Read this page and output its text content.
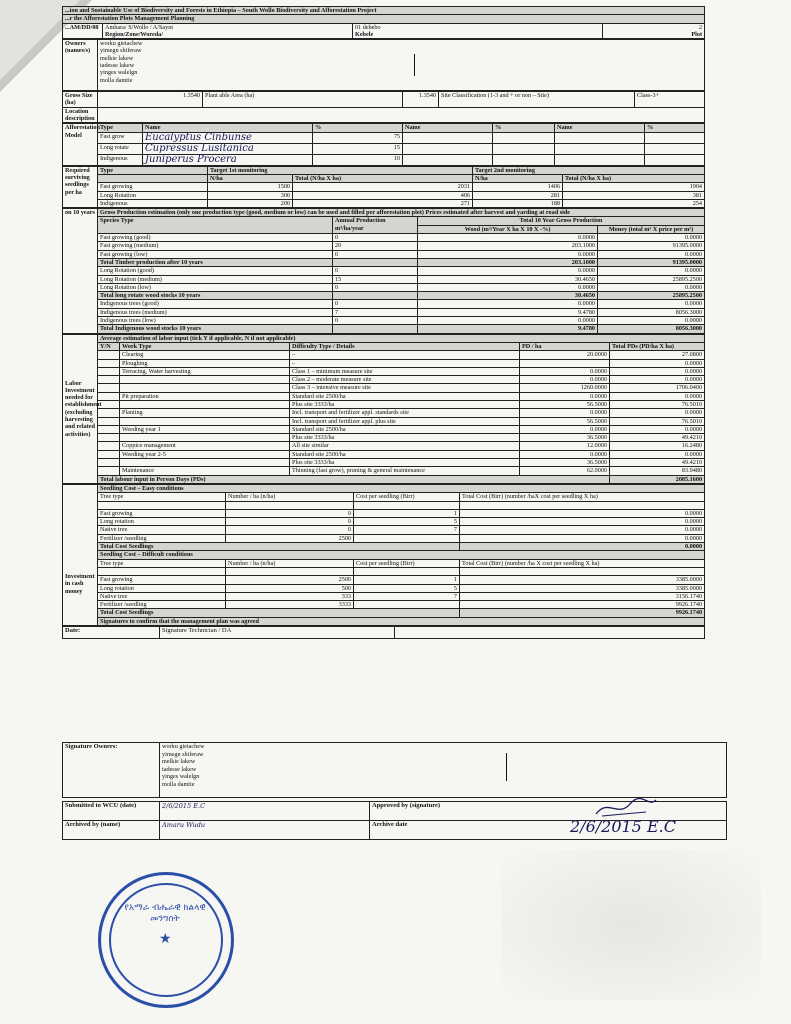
...ion and Sustainable Use of Biodiversity and Forests in Ethiopia – South Wollo Biodiversity and Afforestation Project
...r the Afforestation Plots Management Planning
...AM/DD/08	Amhara/ S/Wollo / A/Saynt
Region/Zone/Woreda/	01 debebo
Kebele	2
Plot
Owners (names/s)	
worku gietachew
yimegn shiferaw
melkie lakew
tadesse lakew
yinges walelgn
molla damtie
Gross Size (ha)	1.3540	Plant able Area (ha)	1.3540	Site Classification (1-3 and + or non – Site)	Class-3+
Location description					
Afforestation Model	Type	Name	%	Name	%	Name	%
	Fast grow	Eucalyptus Cinbunse	75				
	Long rotate	Cupressus Lusitanica	15				
	Indigenous	Juniperus Procera	10				
Required surviving seedlings per ha	Type	Target 1st monitoring		Target 2nd monitoring	
		N/ha	Total (N/ha X ha)	N/ha	Total (N/ha X ha)
	Fast growing	1500	2031	1406	1904
	Long Rotation	300	406	281	381
	Indigenous	200	271	188	254
on 10 years	Gross Production estimation (only one production type (good, medium or low) can be used and filled per afforestation plot) Prices estimated after harvest and yarding at road side			
	Species Type	Annual Production m³/ha/year	Total 10 Year Gross Production	
			Wood (m³/Year X ha X 10 X -%)	Money (total m³ X price per m³)

	Fast growing (good)	0	0.0000	0.0000
	Fast growing (medium)	20	203.1000	91395.0000
	Fast growing (low)	0	0.0000	0.0000
	Total Timber production after 10 years		203.1000	91395.0000
	Long Rotation (good)	0	0.0000	0.0000
	Long Rotation (medium)	15	30.4650	25895.2500
	Long Rotation (low)	0	0.0000	0.0000
	Total long rotate wood stocks 10 years		30.4650	25895.2500
	Indigenous trees (good)	0	0.0000	0.0000
	Indigenous trees (medium)	7	9.4780	8056.3000
	Indigenous trees (low)	0	0.0000	0.0000
	Total Indigenous wood stocks 10 years		9.4780	8056.3000
Labor Investment needed for establishment (excluding harvesting and related activities)	Average estimation of labor input (tick Y if applicable, N if not applicable)				
	Y/N	Work Type	Difficulty Type / Details	PD / ha	Total PDs (PD/ha X ha)
		Clearing	–	20.0000	27.0800
		Ploughing	–		0.0000
		Terracing, Water harvesting	Class 1 – minimum measure site	0.0000	0.0000
			Class 2 – moderate measure site	0.0000	0.0000
			Class 3 – intensive measure site	1260.0000	1706.0400
		Pit preparation	Standard site 2500/ha	0.0000	0.0000
			Plus site 3333/ha	56.5000	76.5010
		Planting	Incl. transport and fertilizer appl. standards site	0.0000	0.0000
			Incl. transport and fertilizer appl. plus site	56.5000	76.5010
		Weeding year 1	Standard site 2500/ha	0.0000	0.0000
			Plus site 3333/ha	36.5000	49.4210
		Coppice management	All site similar	12.0000	16.2480
		Weeding year 2-5	Standard site 2500/ha	0.0000	0.0000
			Plus site 3333/ha	36.5000	49.4210
		Maintenance	Thinning (fast grow), pruning & general maintenance	62.0000	83.9480
	Total labour input in Person Days (PDs)				2085.1600

Investment in cash money	Seedling Cost – Easy conditions			
	Tree type	Number / ha (n/ha)	Cost per seedling (Birr)	Total Cost (Birr) (number /haX cost per seedling X ha)

	Fast growing	0	1	0.0000
	Long rotation	0	5	0.0000
	Native tree	0	7	0.0000
	Fertilizer /seedling	2500		0.0000
	Total Cost Seedlings			0.0000
	Seedling Cost – Difficult conditions			
	Tree type	Number / ha (n/ha)	Cost per seedling (Birr)	Total Cost (Birr) (number /ha X cost per seedling X ha)

	Fast growing	2500	1	3385.0000
	Long rotation	500	5	3385.0000
	Native tree	333	7	3156.1740
	Fertilizer /seedling	3333		9926.1740
	Total Cost Seedlings			9926.1740
	Signatures to confirm that the management plan was agreed			

Date:	Signature Technician / DA	
Signature Owners:	worku gietachew
yimegn shiferaw
melkie lakew
tadesse lakew
yinges walelgn
molla damtie
Submitted to WCU (date)	2/6/2015 E.C	Approved by (signature)

Archived by (name)	Amaru Wudu	Archive date 2/6/2015 E.C
የአማራ ብሔራዊ ክልላዊ መንግስት
★
